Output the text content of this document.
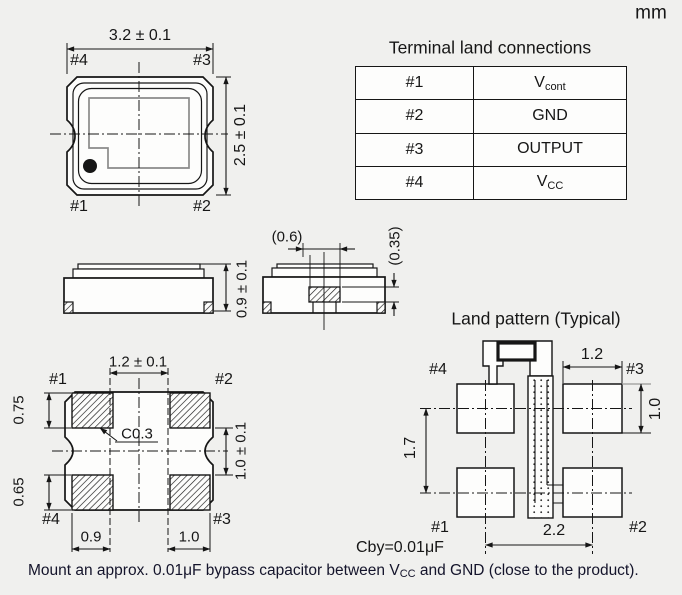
mm
3.2 ± 0.1
2.5 ± 0.1
#4	#3
#1	#2
0.9 ± 0.1
(0.6)	(0.35)
Terminal land connections
#1	$V_{cont}$
#2	GND
#3	OUTPUT
#4	$V_{CC}$
1.2 ± 0.1
#1	#2
#4	#3
0.75
0.65
C0.3	1.0 ± 0.1
0.9	1.0
Land pattern (Typical)
#4	#3
#1	#2
1.2
1.0
1.7
2.2
Cby=0.01μF
Mount an approx. 0.01μF bypass capacitor between VCC and GND (close to the product).
